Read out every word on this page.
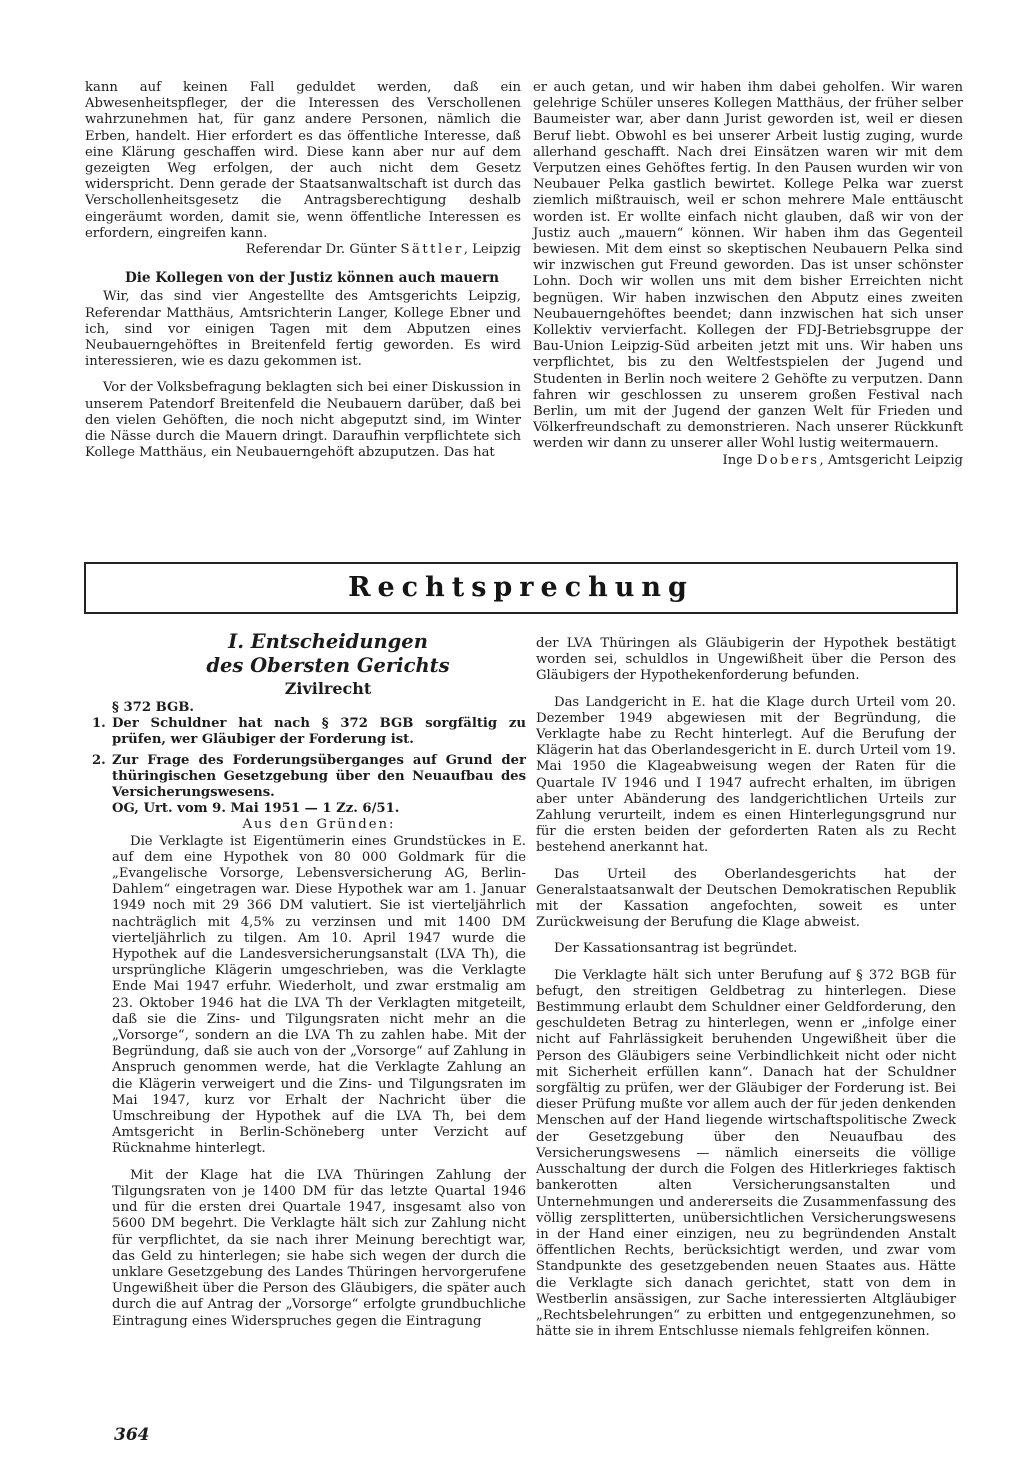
kann auf keinen Fall geduldet werden, daß ein Abwesenheitspfleger, der die Interessen des Verschollenen wahrzunehmen hat, für ganz andere Personen, nämlich die Erben, handelt. Hier erfordert es das öffentliche Interesse, daß eine Klärung geschaffen wird. Diese kann aber nur auf dem gezeigten Weg erfolgen, der auch nicht dem Gesetz widerspricht. Denn gerade der Staatsanwaltschaft ist durch das Verschollenheitsgesetz die Antragsberechtigung deshalb eingeräumt worden, damit sie, wenn öffentliche Interessen es erfordern, eingreifen kann.

Referendar Dr. Günter Sättler, Leipzig

Die Kollegen von der Justiz können auch mauern

Wir, das sind vier Angestellte des Amtsgerichts Leipzig, Referendar Matthäus, Amtsrichterin Langer, Kollege Ebner und ich, sind vor einigen Tagen mit dem Abputzen eines Neubauerngehöftes in Breitenfeld fertig geworden. Es wird interessieren, wie es dazu gekommen ist.

Vor der Volksbefragung beklagten sich bei einer Diskussion in unserem Patendorf Breitenfeld die Neubauern darüber, daß bei den vielen Gehöften, die noch nicht abgeputzt sind, im Winter die Nässe durch die Mauern dringt. Daraufhin verpflichtete sich Kollege Matthäus, ein Neubauerngehöft abzuputzen. Das hat

er auch getan, und wir haben ihm dabei geholfen. Wir waren gelehrige Schüler unseres Kollegen Matthäus, der früher selber Baumeister war, aber dann Jurist geworden ist, weil er diesen Beruf liebt. Obwohl es bei unserer Arbeit lustig zuging, wurde allerhand geschafft. Nach drei Einsätzen waren wir mit dem Verputzen eines Gehöftes fertig. In den Pausen wurden wir von Neubauer Pelka gastlich bewirtet. Kollege Pelka war zuerst ziemlich mißtrauisch, weil er schon mehrere Male enttäuscht worden ist. Er wollte einfach nicht glauben, daß wir von der Justiz auch „mauern“ können. Wir haben ihm das Gegenteil bewiesen. Mit dem einst so skeptischen Neubauern Pelka sind wir inzwischen gut Freund geworden. Das ist unser schönster Lohn. Doch wir wollen uns mit dem bisher Erreichten nicht begnügen. Wir haben inzwischen den Abputz eines zweiten Neubauerngehöftes beendet; dann inzwischen hat sich unser Kollektiv vervierfacht. Kollegen der FDJ-Betriebsgruppe der Bau-Union Leipzig-Süd arbeiten jetzt mit uns. Wir haben uns verpflichtet, bis zu den Weltfestspielen der Jugend und Studenten in Berlin noch weitere 2 Gehöfte zu verputzen. Dann fahren wir geschlossen zu unserem großen Festival nach Berlin, um mit der Jugend der ganzen Welt für Frieden und Völkerfreundschaft zu demonstrieren. Nach unserer Rückkunft werden wir dann zu unserer aller Wohl lustig weitermauern.

Inge Dobers, Amtsgericht Leipzig

Rechtsprechung

I. Entscheidungen

des Obersten Gerichts

Zivilrecht

§ 372 BGB.

1. Der Schuldner hat nach § 372 BGB sorgfältig zu prüfen, wer Gläubiger der Forderung ist.

2. Zur Frage des Forderungsüberganges auf Grund der thüringischen Gesetzgebung über den Neuaufbau des Versicherungswesens.

OG, Urt. vom 9. Mai 1951 — 1 Zz. 6/51.

Aus den Gründen:

Die Verklagte ist Eigentümerin eines Grundstückes in E. auf dem eine Hypothek von 80 000 Goldmark für die „Evangelische Vorsorge, Lebensversicherung AG, Berlin-Dahlem“ eingetragen war. Diese Hypothek war am 1. Januar 1949 noch mit 29 366 DM valutiert. Sie ist vierteljährlich nachträglich mit 4,5% zu verzinsen und mit 1400 DM vierteljährlich zu tilgen. Am 10. April 1947 wurde die Hypothek auf die Landesversicherungsanstalt (LVA Th), die ursprüngliche Klägerin umgeschrieben, was die Verklagte Ende Mai 1947 erfuhr. Wiederholt, und zwar erstmalig am 23. Oktober 1946 hat die LVA Th der Verklagten mitgeteilt, daß sie die Zins- und Tilgungsraten nicht mehr an die „Vorsorge“, sondern an die LVA Th zu zahlen habe. Mit der Begründung, daß sie auch von der „Vorsorge“ auf Zahlung in Anspruch genommen werde, hat die Verklagte Zahlung an die Klägerin verweigert und die Zins- und Tilgungsraten im Mai 1947, kurz vor Erhalt der Nachricht über die Umschreibung der Hypothek auf die LVA Th, bei dem Amtsgericht in Berlin-Schöneberg unter Verzicht auf Rücknahme hinterlegt.

Mit der Klage hat die LVA Thüringen Zahlung der Tilgungsraten von je 1400 DM für das letzte Quartal 1946 und für die ersten drei Quartale 1947, insgesamt also von 5600 DM begehrt. Die Verklagte hält sich zur Zahlung nicht für verpflichtet, da sie nach ihrer Meinung berechtigt war, das Geld zu hinterlegen; sie habe sich wegen der durch die unklare Gesetzgebung des Landes Thüringen hervorgerufene Ungewißheit über die Person des Gläubigers, die später auch durch die auf Antrag der „Vorsorge“ erfolgte grundbuchliche Eintragung eines Widerspruches gegen die Eintragung

der LVA Thüringen als Gläubigerin der Hypothek bestätigt worden sei, schuldlos in Ungewißheit über die Person des Gläubigers der Hypothekenforderung befunden.

Das Landgericht in E. hat die Klage durch Urteil vom 20. Dezember 1949 abgewiesen mit der Begründung, die Verklagte habe zu Recht hinterlegt. Auf die Berufung der Klägerin hat das Oberlandesgericht in E. durch Urteil vom 19. Mai 1950 die Klageabweisung wegen der Raten für die Quartale IV 1946 und I 1947 aufrecht erhalten, im übrigen aber unter Abänderung des landgerichtlichen Urteils zur Zahlung verurteilt, indem es einen Hinterlegungsgrund nur für die ersten beiden der geforderten Raten als zu Recht bestehend anerkannt hat.

Das Urteil des Oberlandesgerichts hat der Generalstaatsanwalt der Deutschen Demokratischen Republik mit der Kassation angefochten, soweit es unter Zurückweisung der Berufung die Klage abweist.

Der Kassationsantrag ist begründet.

Die Verklagte hält sich unter Berufung auf § 372 BGB für befugt, den streitigen Geldbetrag zu hinterlegen. Diese Bestimmung erlaubt dem Schuldner einer Geldforderung, den geschuldeten Betrag zu hinterlegen, wenn er „infolge einer nicht auf Fahrlässigkeit beruhenden Ungewißheit über die Person des Gläubigers seine Verbindlichkeit nicht oder nicht mit Sicherheit erfüllen kann“. Danach hat der Schuldner sorgfältig zu prüfen, wer der Gläubiger der Forderung ist. Bei dieser Prüfung mußte vor allem auch der für jeden denkenden Menschen auf der Hand liegende wirtschaftspolitische Zweck der Gesetzgebung über den Neuaufbau des Versicherungswesens — nämlich einerseits die völlige Ausschaltung der durch die Folgen des Hitlerkrieges faktisch bankerotten alten Versicherungsanstalten und Unternehmungen und andererseits die Zusammenfassung des völlig zersplitterten, unübersichtlichen Versicherungswesens in der Hand einer einzigen, neu zu begründenden Anstalt öffentlichen Rechts, berücksichtigt werden, und zwar vom Standpunkte des gesetzgebenden neuen Staates aus. Hätte die Verklagte sich danach gerichtet, statt von dem in Westberlin ansässigen, zur Sache interessierten Altgläubiger „Rechtsbelehrungen“ zu erbitten und entgegenzunehmen, so hätte sie in ihrem Entschlusse niemals fehlgreifen können.

364
